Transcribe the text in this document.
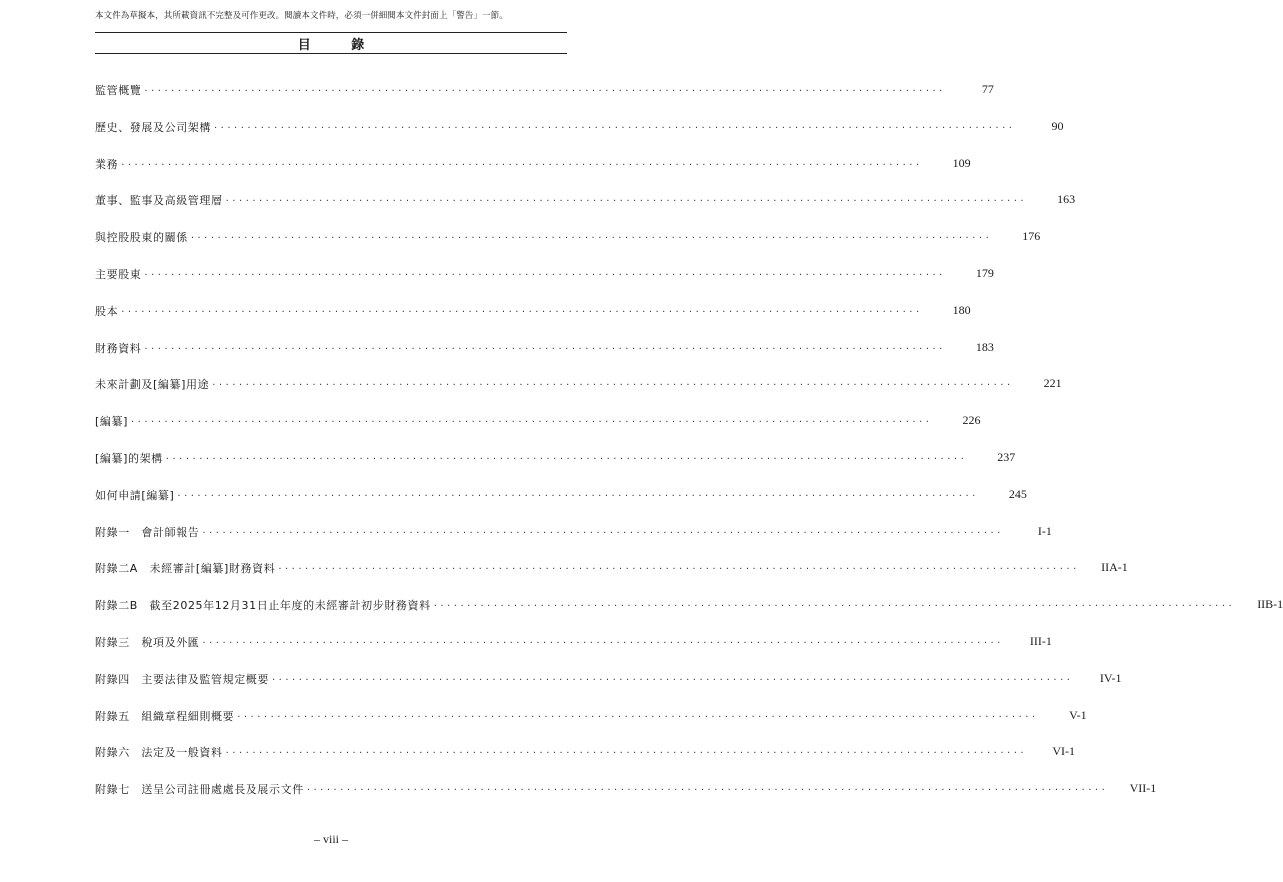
本文件為草擬本，其所載資訊不完整及可作更改。閱讀本文件時，必須一併細閱本文件封面上「警告」一節。
目 錄
監管概覽 ........................................................................................................................	77
歷史、發展及公司架構 ........................................................................................................................	90
業務 ........................................................................................................................	109
董事、監事及高級管理層 ........................................................................................................................	163
與控股股東的關係 ........................................................................................................................	176
主要股東 ........................................................................................................................	179
股本 ........................................................................................................................	180
財務資料 ........................................................................................................................	183
未來計劃及[編纂]用途 ........................................................................................................................	221
[編纂] ........................................................................................................................	226
[編纂]的架構 ........................................................................................................................	237
如何申請[編纂] ........................................................................................................................	245
附錄一　會計師報告 ........................................................................................................................	I-1
附錄二A　未經審計[編纂]財務資料 ........................................................................................................................ IIA-1
附錄二B　截至2025年12月31日止年度的未經審計初步財務資料 ........................................................................................................................	IIB-1
附錄三　稅項及外匯 ........................................................................................................................	III-1
附錄四　主要法律及監管規定概要 ........................................................................................................................	IV-1
附錄五　組織章程細則概要 ........................................................................................................................	V-1
附錄六　法定及一般資料 ........................................................................................................................	VI-1
附錄七　送呈公司註冊處處長及展示文件 ........................................................................................................................ VII-1
– viii –
